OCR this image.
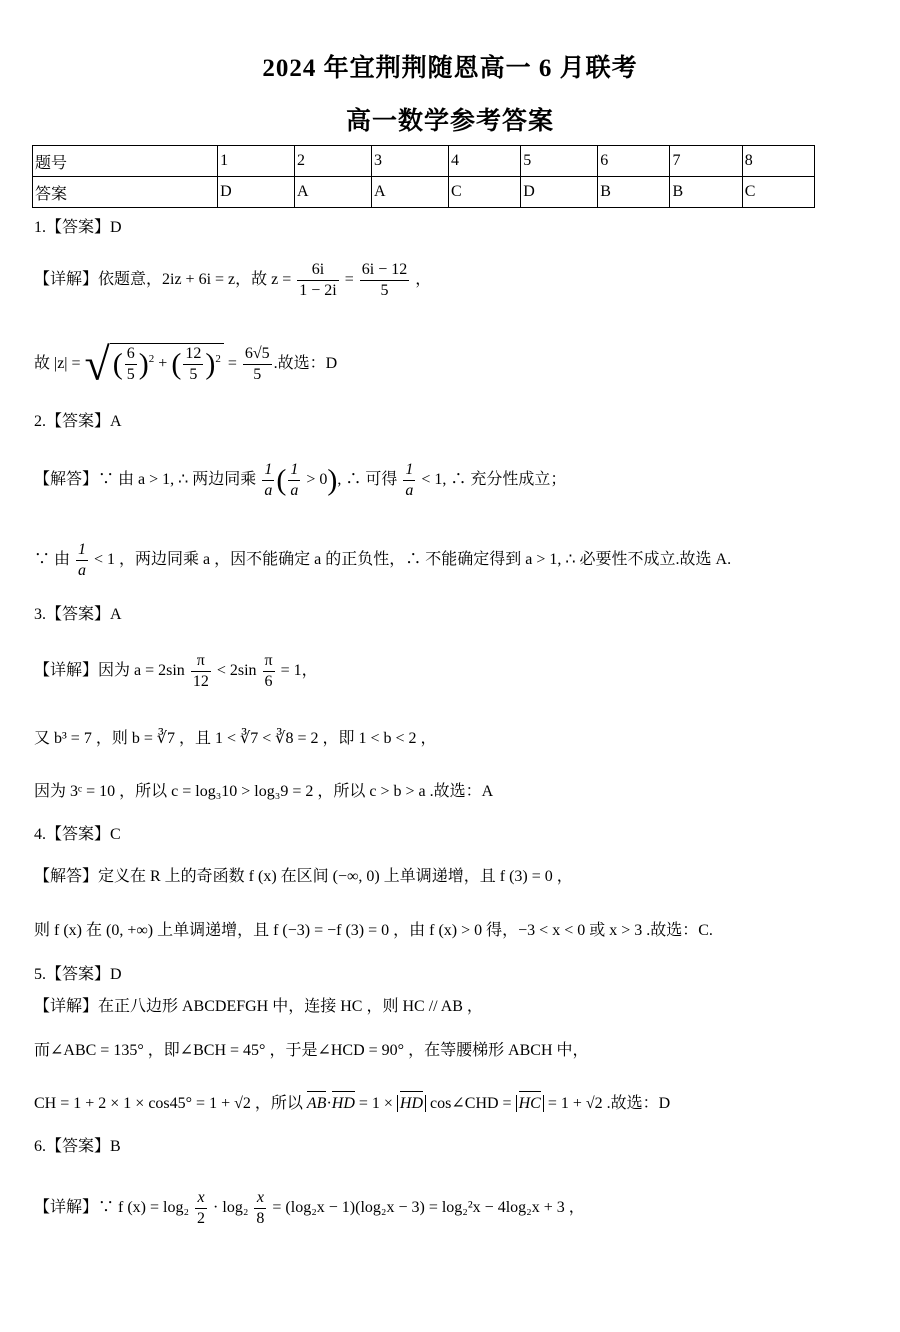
2024 年宜荆荆随恩高一 6 月联考
高一数学参考答案
题号	1	2	3	4	5	6	7	8
答案	D	A	A	C	D	B	B	C
1.【答案】D
【详解】依题意，2iz + 6i = z，故 $z = \frac{6i}{1 - 2i} = \frac{6i - 12}{5}$ ，
故 |z| = √ ( $\frac{6}{5} )^2$ + ( $\frac{12}{5} )^2 = \frac{6√5}{5}$ .故选：D
2.【答案】A
【解答】∵ 由 a > 1, ∴ 两边同乘 $\frac{1}{a}$ ( $\frac{1}{a} > 0$), ∴ 可得 $\frac{1}{a} < 1$, ∴ 充分性成立；
∵ 由 $\frac{1}{a} < 1$ ，两边同乘 a ，因不能确定 a 的正负性，∴ 不能确定得到 a > 1, ∴ 必要性不成立.故选 A.
3.【答案】A
【详解】因为 $a = 2\sin \frac{\pi}{12} < 2\sin \frac{\pi}{6} = 1$，
又 b³ = 7 ，则 b = ∛7 ，且 1 < ∛7 < ∛8 = 2 ，即 1 < b < 2 ，
因为 3ᶜ = 10 ，所以 c = log₃10 > log₃9 = 2 ，所以 c > b > a .故选：A
4.【答案】C
【解答】定义在 R 上的奇函数 f (x) 在区间 (−∞, 0) 上单调递增，且 f (3) = 0 ，
则 f (x) 在 (0, +∞) 上单调递增，且 f (−3) = −f (3) = 0 ，由 f (x) > 0 得，−3 < x < 0 或 x > 3 .故选：C.
5.【答案】D
【详解】在正八边形 ABCDEFGH 中，连接 HC ，则 HC // AB ，
而∠ABC = 135° ，即∠BCH = 45° ，于是∠HCD = 90° ，在等腰梯形 ABCH 中，
CH = 1 + 2 × 1 × cos45° = 1 + √2 ，所以 AB·HD = 1 × HD cos∠CHD = HC = 1 + √2 .故选：D
6.【答案】B
【详解】∵ f $(x) = \log_2 \frac{x}{2} \cdot \log_2 \frac{x}{8} = (\log_2x - 1)(\log_2x - 3) = \log_2^2x - 4\log_2x + 3$ ，
